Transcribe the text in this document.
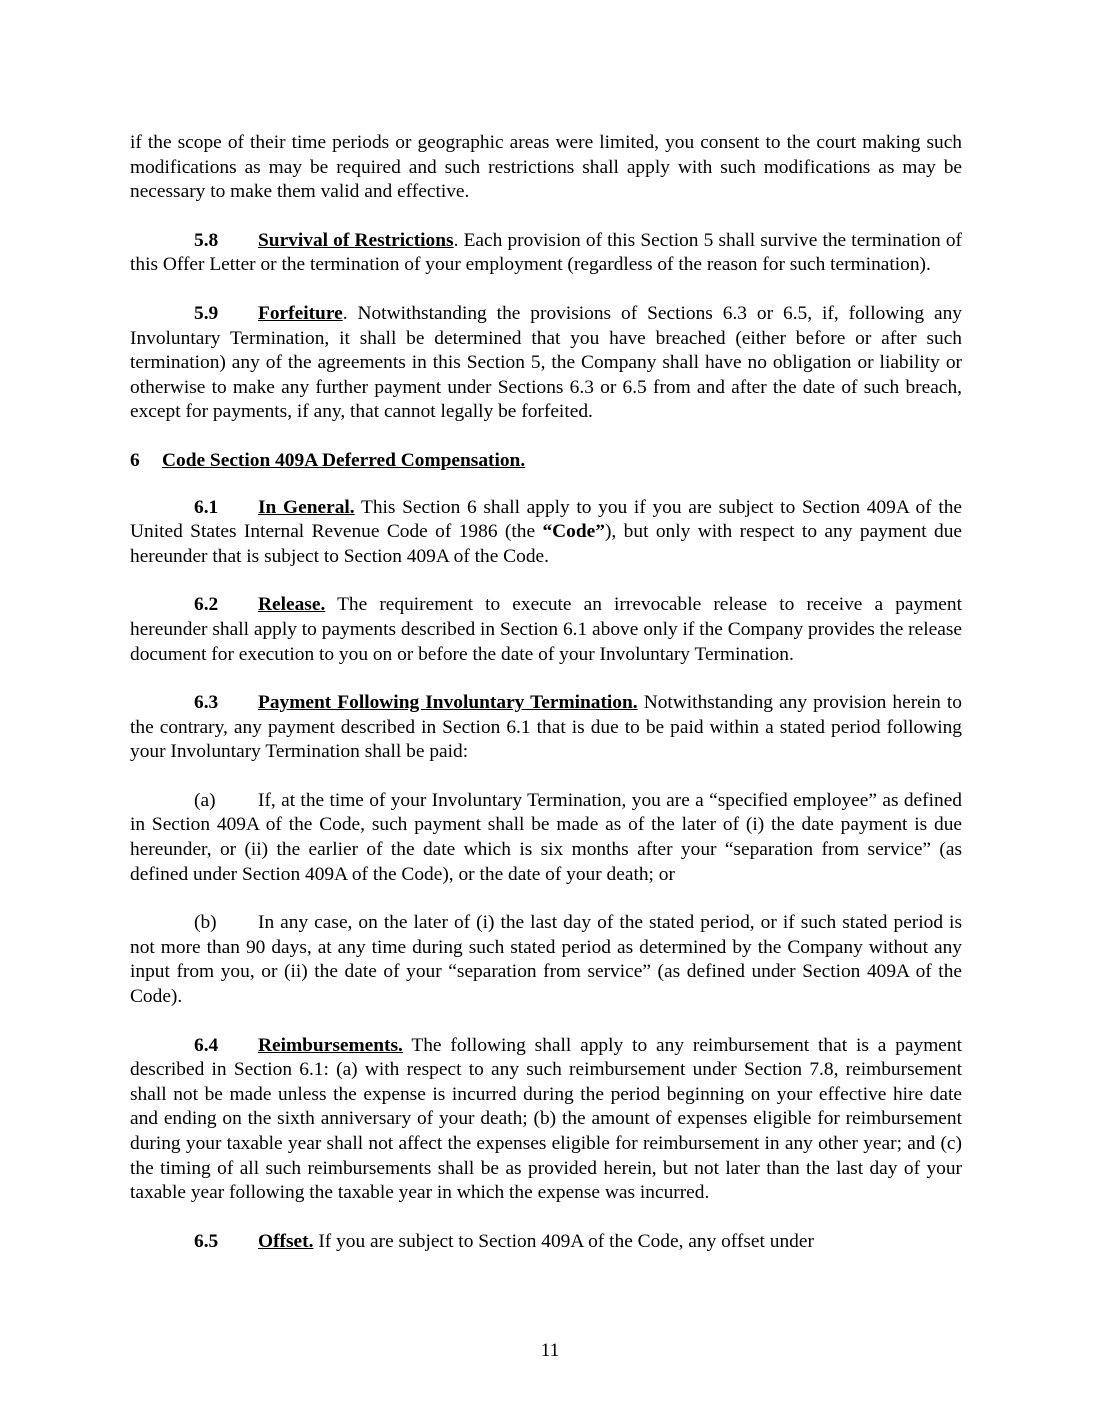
if the scope of their time periods or geographic areas were limited, you consent to the court making such modifications as may be required and such restrictions shall apply with such modifications as may be necessary to make them valid and effective.

5.8 Survival of Restrictions. Each provision of this Section 5 shall survive the termination of this Offer Letter or the termination of your employment (regardless of the reason for such termination).

5.9 Forfeiture. Notwithstanding the provisions of Sections 6.3 or 6.5, if, following any Involuntary Termination, it shall be determined that you have breached (either before or after such termination) any of the agreements in this Section 5, the Company shall have no obligation or liability or otherwise to make any further payment under Sections 6.3 or 6.5 from and after the date of such breach, except for payments, if any, that cannot legally be forfeited.

6 Code Section 409A Deferred Compensation.

6.1 In General. This Section 6 shall apply to you if you are subject to Section 409A of the United States Internal Revenue Code of 1986 (the “Code”), but only with respect to any payment due hereunder that is subject to Section 409A of the Code.

6.2 Release. The requirement to execute an irrevocable release to receive a payment hereunder shall apply to payments described in Section 6.1 above only if the Company provides the release document for execution to you on or before the date of your Involuntary Termination.

6.3 Payment Following Involuntary Termination. Notwithstanding any provision herein to the contrary, any payment described in Section 6.1 that is due to be paid within a stated period following your Involuntary Termination shall be paid:

(a) If, at the time of your Involuntary Termination, you are a “specified employee” as defined in Section 409A of the Code, such payment shall be made as of the later of (i) the date payment is due hereunder, or (ii) the earlier of the date which is six months after your “separation from service” (as defined under Section 409A of the Code), or the date of your death; or

(b) In any case, on the later of (i) the last day of the stated period, or if such stated period is not more than 90 days, at any time during such stated period as determined by the Company without any input from you, or (ii) the date of your “separation from service” (as defined under Section 409A of the Code).

6.4 Reimbursements. The following shall apply to any reimbursement that is a payment described in Section 6.1: (a) with respect to any such reimbursement under Section 7.8, reimbursement shall not be made unless the expense is incurred during the period beginning on your effective hire date and ending on the sixth anniversary of your death; (b) the amount of expenses eligible for reimbursement during your taxable year shall not affect the expenses eligible for reimbursement in any other year; and (c) the timing of all such reimbursements shall be as provided herein, but not later than the last day of your taxable year following the taxable year in which the expense was incurred.

6.5 Offset. If you are subject to Section 409A of the Code, any offset under

11
